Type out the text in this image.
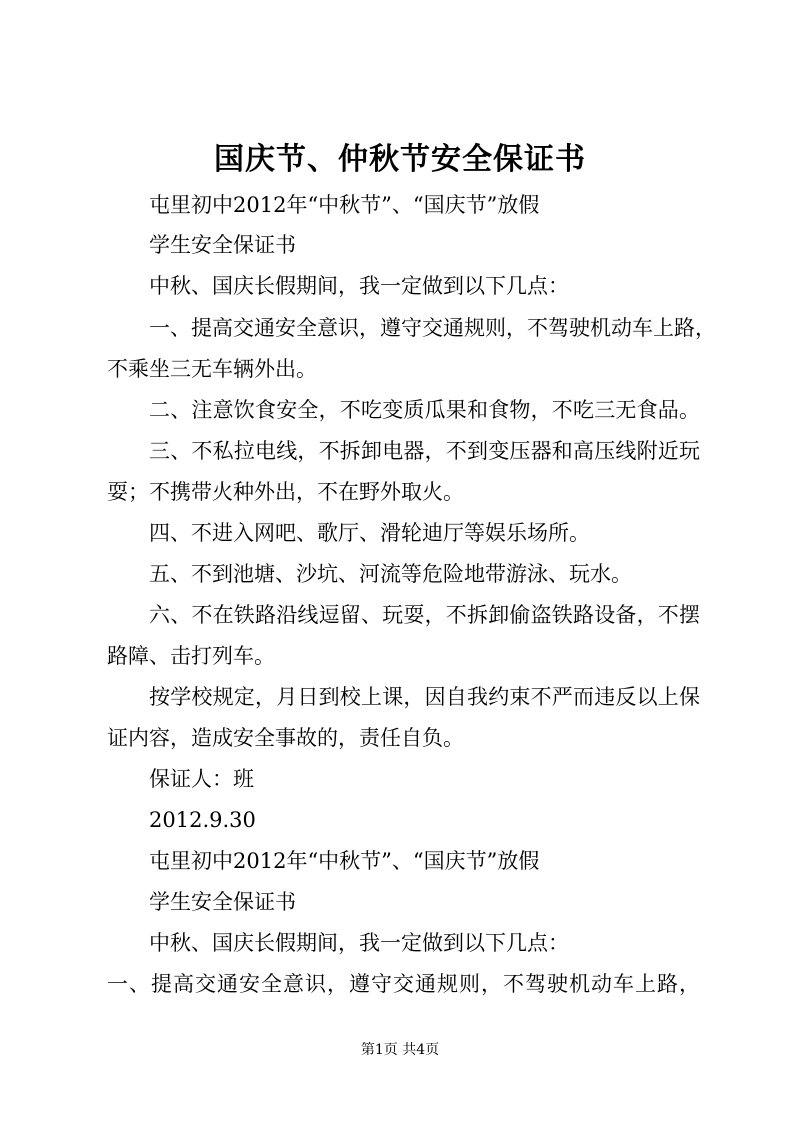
国庆节、仲秋节安全保证书
屯里初中2012年“中秋节”、“国庆节”放假
学生安全保证书
中秋、国庆长假期间，我一定做到以下几点：
一、提高交通安全意识，遵守交通规则，不驾驶机动车上路，
不乘坐三无车辆外出。
二、注意饮食安全，不吃变质瓜果和食物，不吃三无食品。
三、不私拉电线，不拆卸电器，不到变压器和高压线附近玩
耍；不携带火种外出，不在野外取火。
四、不进入网吧、歌厅、滑轮迪厅等娱乐场所。
五、不到池塘、沙坑、河流等危险地带游泳、玩水。
六、不在铁路沿线逗留、玩耍，不拆卸偷盗铁路设备，不摆
路障、击打列车。
按学校规定，月日到校上课，因自我约束不严而违反以上保
证内容，造成安全事故的，责任自负。
保证人：班
2012.9.30
屯里初中2012年“中秋节”、“国庆节”放假
学生安全保证书
中秋、国庆长假期间，我一定做到以下几点：
一、提高交通安全意识，遵守交通规则，不驾驶机动车上路，
第1页 共4页
